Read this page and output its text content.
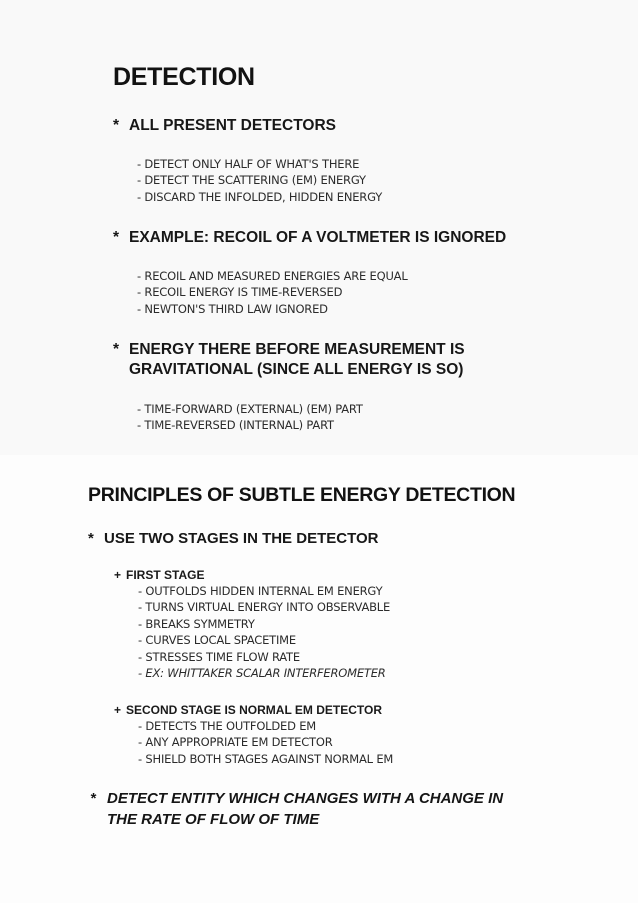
DETECTION

* ALL PRESENT DETECTORS

- DETECT ONLY HALF OF WHAT'S THERE
- DETECT THE SCATTERING (EM) ENERGY
- DISCARD THE INFOLDED, HIDDEN ENERGY

* EXAMPLE: RECOIL OF A VOLTMETER IS IGNORED

- RECOIL AND MEASURED ENERGIES ARE EQUAL
- RECOIL ENERGY IS TIME-REVERSED
- NEWTON'S THIRD LAW IGNORED
* ENERGY THERE BEFORE MEASUREMENT IS
GRAVITATIONAL (SINCE ALL ENERGY IS SO)
- TIME-FORWARD (EXTERNAL) (EM) PART
- TIME-REVERSED (INTERNAL) PART
PRINCIPLES OF SUBTLE ENERGY DETECTION

* USE TWO STAGES IN THE DETECTOR

+ FIRST STAGE

- OUTFOLDS HIDDEN INTERNAL EM ENERGY
- TURNS VIRTUAL ENERGY INTO OBSERVABLE
- BREAKS SYMMETRY
- CURVES LOCAL SPACETIME
- STRESSES TIME FLOW RATE
- EX: WHITTAKER SCALAR INTERFEROMETER

+ SECOND STAGE IS NORMAL EM DETECTOR

- DETECTS THE OUTFOLDED EM
- ANY APPROPRIATE EM DETECTOR
- SHIELD BOTH STAGES AGAINST NORMAL EM
* DETECT ENTITY WHICH CHANGES WITH A CHANGE IN
THE RATE OF FLOW OF TIME
